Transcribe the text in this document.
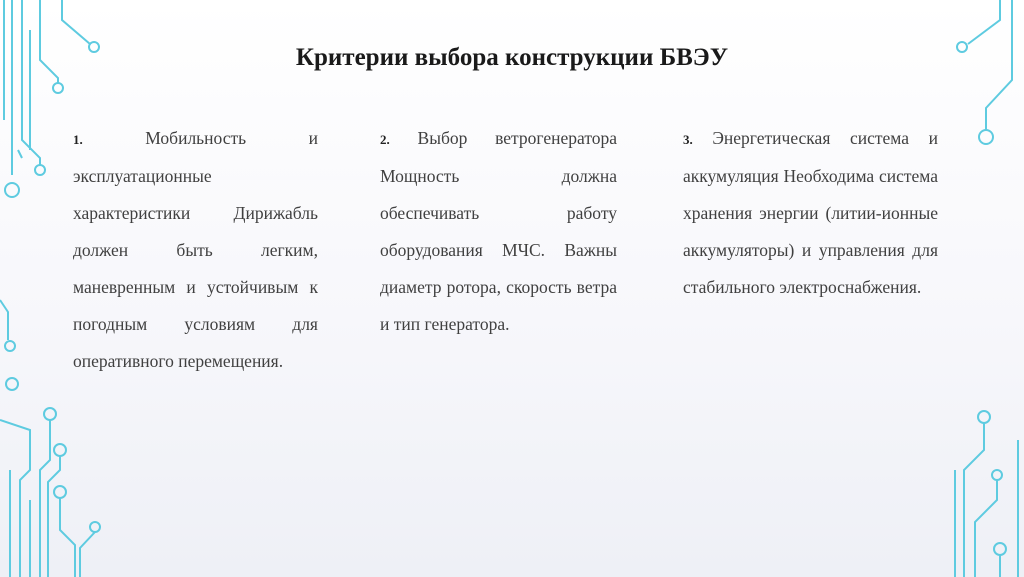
Критерии выбора конструкции БВЭУ

1.	Мобильность и эксплуатационные характеристики Дирижабль должен быть легким, маневренным и устойчивым к погодным условиям для оперативного перемещения.

2. Выбор ветрогенератора Мощность должна обеспечивать работу оборудования МЧС. Важны диаметр ротора, скорость ветра и тип генератора.

3. Энергетическая система и аккумуляция Необходима система хранения энергии (литии-ионные аккумуляторы) и управления для стабильного электроснабжения.
